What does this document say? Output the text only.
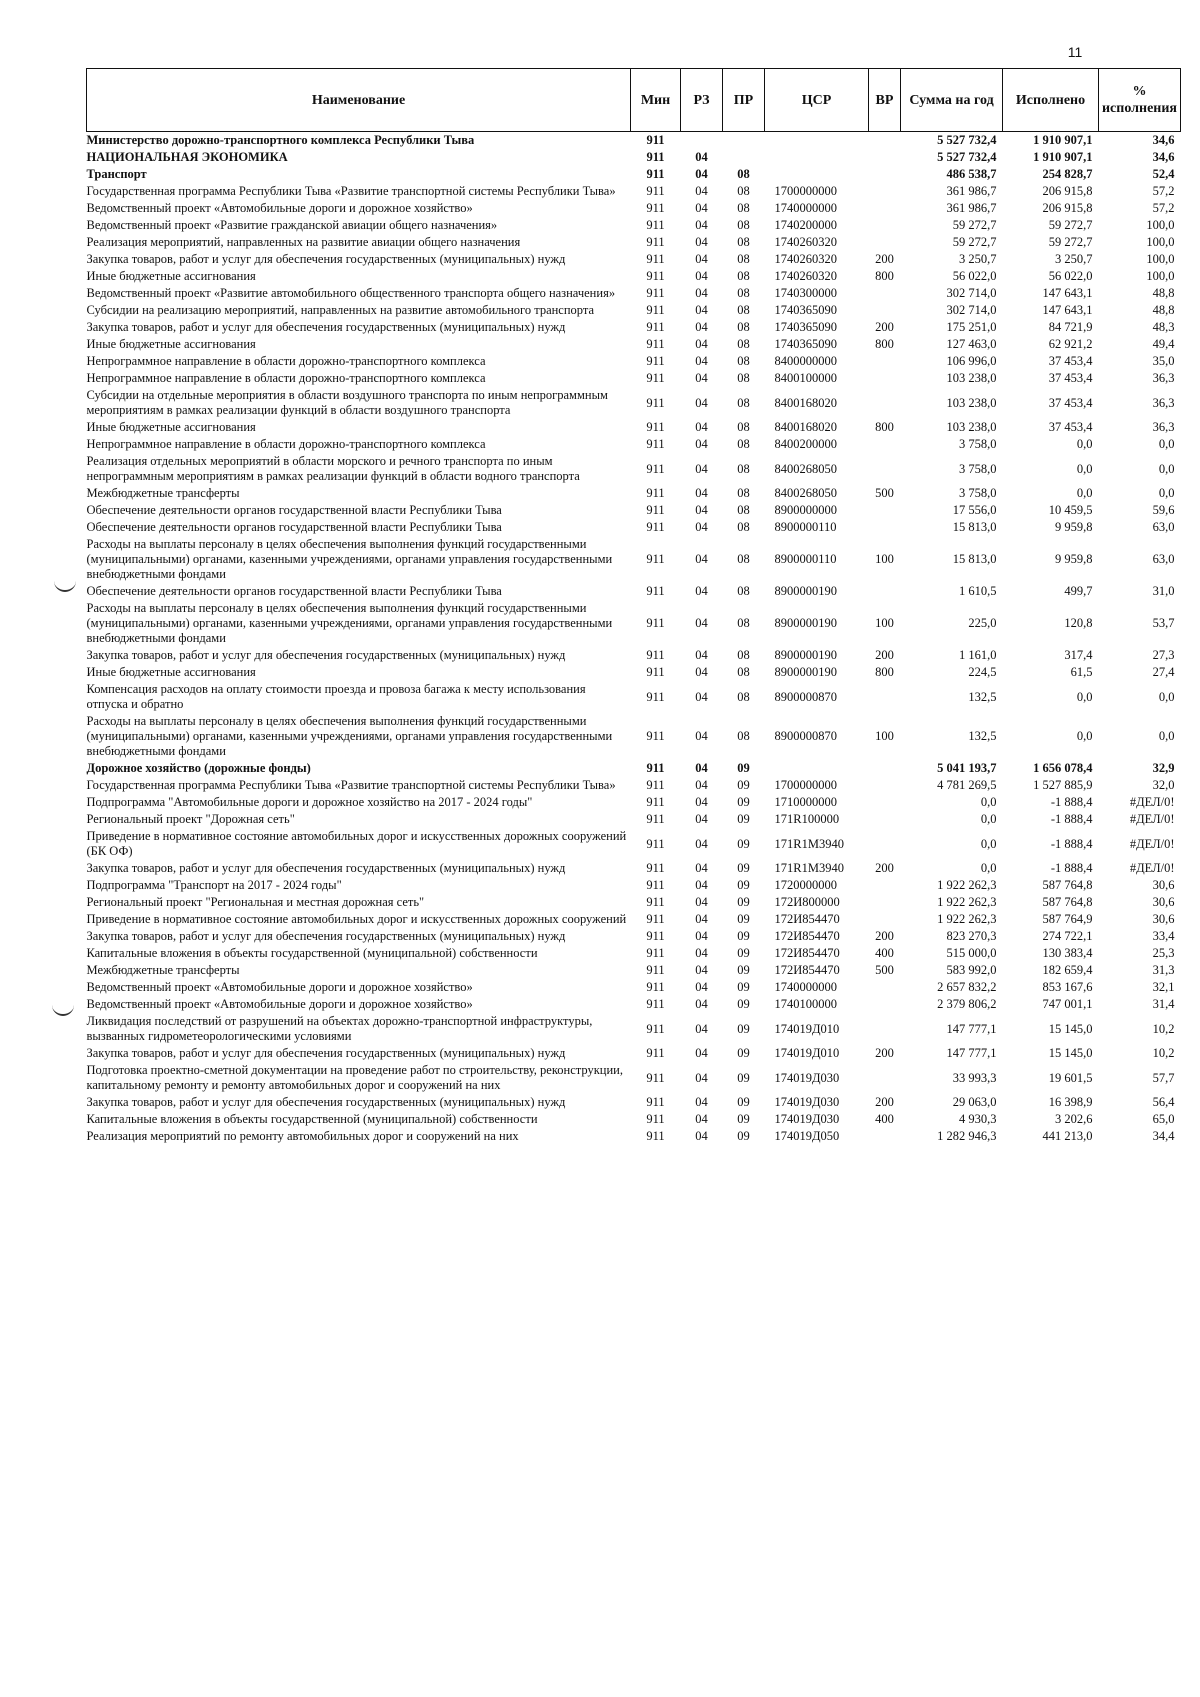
11
Наименование	Мин	РЗ	ПР	ЦСР	ВР	Сумма на год	Исполнено	% исполнения
Министерство дорожно-транспортного комплекса Республики Тыва	911					5 527 732,4	1 910 907,1	34,6
НАЦИОНАЛЬНАЯ ЭКОНОМИКА	911	04				5 527 732,4	1 910 907,1	34,6
Транспорт	911	04	08			486 538,7	254 828,7	52,4
Государственная программа Республики Тыва «Развитие транспортной системы Республики Тыва»	911	04	08	1700000000		361 986,7	206 915,8	57,2
Ведомственный проект «Автомобильные дороги и дорожное хозяйство»	911	04	08	1740000000		361 986,7	206 915,8	57,2
Ведомственный проект «Развитие гражданской авиации общего назначения»	911	04	08	1740200000		59 272,7	59 272,7	100,0
Реализация мероприятий, направленных на развитие авиации общего назначения	911	04	08	1740260320		59 272,7	59 272,7	100,0
Закупка товаров, работ и услуг для обеспечения государственных (муниципальных) нужд	911	04	08	1740260320	200	3 250,7	3 250,7	100,0
Иные бюджетные ассигнования	911	04	08	1740260320	800	56 022,0	56 022,0	100,0
Ведомственный проект «Развитие автомобильного общественного транспорта общего назначения»	911	04	08	1740300000		302 714,0	147 643,1	48,8
Субсидии на реализацию мероприятий, направленных на развитие автомобильного транспорта	911	04	08	1740365090		302 714,0	147 643,1	48,8
Закупка товаров, работ и услуг для обеспечения государственных (муниципальных) нужд	911	04	08	1740365090	200	175 251,0	84 721,9	48,3
Иные бюджетные ассигнования	911	04	08	1740365090	800	127 463,0	62 921,2	49,4
Непрограммное направление в области дорожно-транспортного комплекса	911	04	08	8400000000		106 996,0	37 453,4	35,0
Непрограммное направление в области дорожно-транспортного комплекса	911	04	08	8400100000		103 238,0	37 453,4	36,3
Субсидии на отдельные мероприятия в области воздушного транспорта по иным непрограммным мероприятиям в рамках реализации функций в области воздушного транспорта	911	04	08	8400168020		103 238,0	37 453,4	36,3
Иные бюджетные ассигнования	911	04	08	8400168020	800	103 238,0	37 453,4	36,3
Непрограммное направление в области дорожно-транспортного комплекса	911	04	08	8400200000		3 758,0	0,0	0,0
Реализация отдельных мероприятий в области морского и речного транспорта по иным непрограммным мероприятиям в рамках реализации функций в области водного транспорта	911	04	08	8400268050		3 758,0	0,0	0,0
Межбюджетные трансферты	911	04	08	8400268050	500	3 758,0	0,0	0,0
Обеспечение деятельности органов государственной власти Республики Тыва	911	04	08	8900000000		17 556,0	10 459,5	59,6
Обеспечение деятельности органов государственной власти Республики Тыва	911	04	08	8900000110		15 813,0	9 959,8	63,0
Расходы на выплаты персоналу в целях обеспечения выполнения функций государственными (муниципальными) органами, казенными учреждениями, органами управления государственными внебюджетными фондами	911	04	08	8900000110	100	15 813,0	9 959,8	63,0
Обеспечение деятельности органов государственной власти Республики Тыва	911	04	08	8900000190		1 610,5	499,7	31,0
Расходы на выплаты персоналу в целях обеспечения выполнения функций государственными (муниципальными) органами, казенными учреждениями, органами управления государственными внебюджетными фондами	911	04	08	8900000190	100	225,0	120,8	53,7
Закупка товаров, работ и услуг для обеспечения государственных (муниципальных) нужд	911	04	08	8900000190	200	1 161,0	317,4	27,3
Иные бюджетные ассигнования	911	04	08	8900000190	800	224,5	61,5	27,4
Компенсация расходов на оплату стоимости проезда и провоза багажа к месту использования отпуска и обратно	911	04	08	8900000870		132,5	0,0	0,0
Расходы на выплаты персоналу в целях обеспечения выполнения функций государственными (муниципальными) органами, казенными учреждениями, органами управления государственными внебюджетными фондами	911	04	08	8900000870	100	132,5	0,0	0,0
Дорожное хозяйство (дорожные фонды)	911	04	09			5 041 193,7	1 656 078,4	32,9
Государственная программа Республики Тыва «Развитие транспортной системы Республики Тыва»	911	04	09	1700000000		4 781 269,5	1 527 885,9	32,0
Подпрограмма "Автомобильные дороги и дорожное хозяйство на 2017 - 2024 годы"	911	04	09	1710000000		0,0	-1 888,4	#ДЕЛ/0!
Региональный проект "Дорожная сеть"	911	04	09	171R100000		0,0	-1 888,4	#ДЕЛ/0!
Приведение в нормативное состояние автомобильных дорог и искусственных дорожных сооружений (БК ОФ)	911	04	09	171R1M3940		0,0	-1 888,4	#ДЕЛ/0!
Закупка товаров, работ и услуг для обеспечения государственных (муниципальных) нужд	911	04	09	171R1M3940	200	0,0	-1 888,4	#ДЕЛ/0!
Подпрограмма "Транспорт на 2017 - 2024 годы"	911	04	09	1720000000		1 922 262,3	587 764,8	30,6
Региональный проект "Региональная и местная дорожная сеть"	911	04	09	172И800000		1 922 262,3	587 764,8	30,6
Приведение в нормативное состояние автомобильных дорог и искусственных дорожных сооружений	911	04	09	172И854470		1 922 262,3	587 764,9	30,6
Закупка товаров, работ и услуг для обеспечения государственных (муниципальных) нужд	911	04	09	172И854470	200	823 270,3	274 722,1	33,4
Капитальные вложения в объекты государственной (муниципальной) собственности	911	04	09	172И854470	400	515 000,0	130 383,4	25,3
Межбюджетные трансферты	911	04	09	172И854470	500	583 992,0	182 659,4	31,3
Ведомственный проект «Автомобильные дороги и дорожное хозяйство»	911	04	09	1740000000		2 657 832,2	853 167,6	32,1
Ведомственный проект «Автомобильные дороги и дорожное хозяйство»	911	04	09	1740100000		2 379 806,2	747 001,1	31,4
Ликвидация последствий от разрушений на объектах дорожно-транспортной инфраструктуры, вызванных гидрометеорологическими условиями	911	04	09	174019Д010		147 777,1	15 145,0	10,2
Закупка товаров, работ и услуг для обеспечения государственных (муниципальных) нужд	911	04	09	174019Д010	200	147 777,1	15 145,0	10,2
Подготовка проектно-сметной документации на проведение работ по строительству, реконструкции, капитальному ремонту и ремонту автомобильных дорог и сооружений на них	911	04	09	174019Д030		33 993,3	19 601,5	57,7
Закупка товаров, работ и услуг для обеспечения государственных (муниципальных) нужд	911	04	09	174019Д030	200	29 063,0	16 398,9	56,4
Капитальные вложения в объекты государственной (муниципальной) собственности	911	04	09	174019Д030	400	4 930,3	3 202,6	65,0
Реализация мероприятий по ремонту автомобильных дорог и сооружений на них	911	04	09	174019Д050		1 282 946,3	441 213,0	34,4
